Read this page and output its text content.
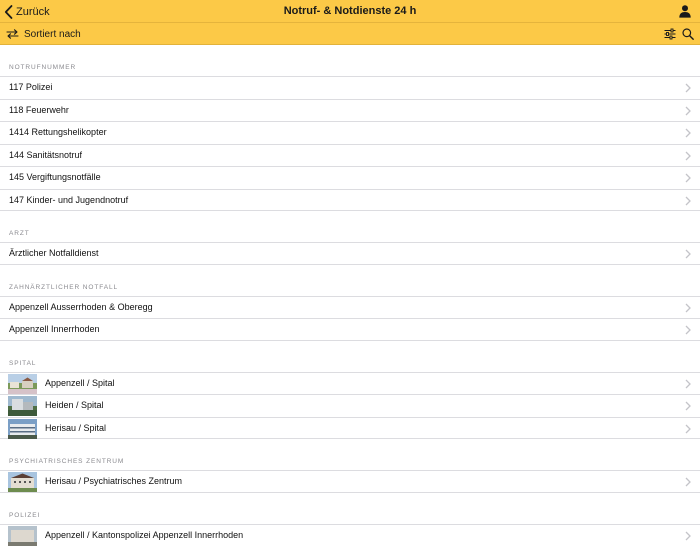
Zurück	Notruf- & Notdienste 24 h
Sortiert nach
NOTRUFNUMMER
117 Polizei
118 Feuerwehr
1414 Rettungshelikopter
144 Sanitätsnotruf
145 Vergiftungsnotfälle
147 Kinder- und Jugendnotruf
ARZT
Ärztlicher Notfalldienst
ZAHNÄRZTLICHER NOTFALL
Appenzell Ausserrhoden & Oberegg
Appenzell Innerrhoden
SPITAL
Appenzell / Spital
Heiden / Spital
Herisau / Spital
PSYCHIATRISCHES ZENTRUM
Herisau / Psychiatrisches Zentrum
POLIZEI
Appenzell / Kantonspolizei Appenzell Innerrhoden
